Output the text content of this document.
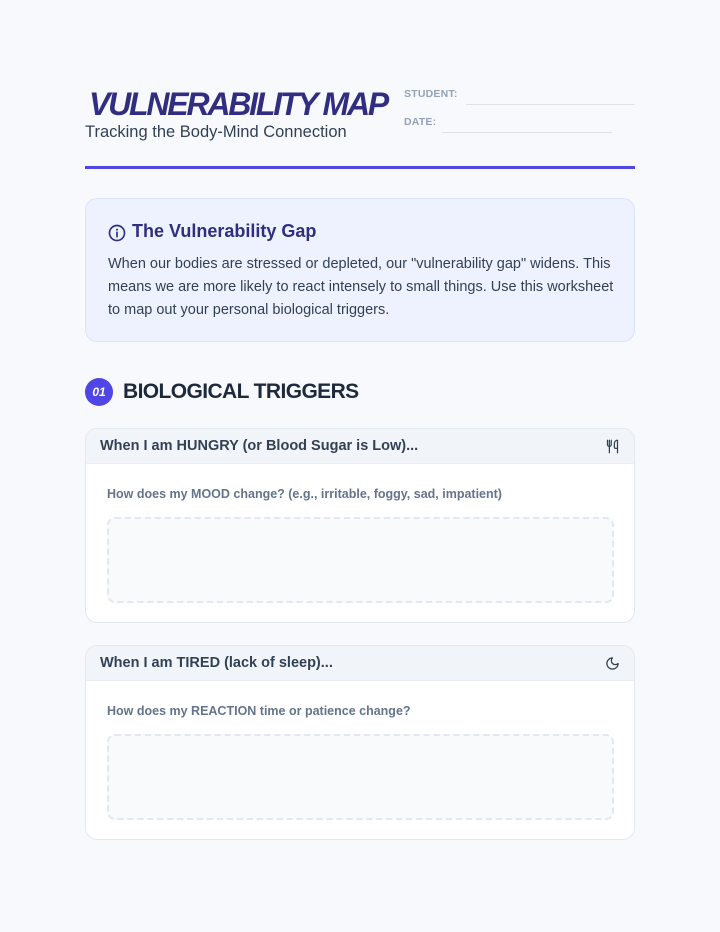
VULNERABILITY MAP
Tracking the Body-Mind Connection
STUDENT:
DATE:
The Vulnerability Gap
When our bodies are stressed or depleted, our "vulnerability gap" widens. This means we are more likely to react intensely to small things. Use this worksheet to map out your personal biological triggers.
01 BIOLOGICAL TRIGGERS
When I am HUNGRY (or Blood Sugar is Low)...
How does my MOOD change? (e.g., irritable, foggy, sad, impatient)
When I am TIRED (lack of sleep)...
How does my REACTION time or patience change?
